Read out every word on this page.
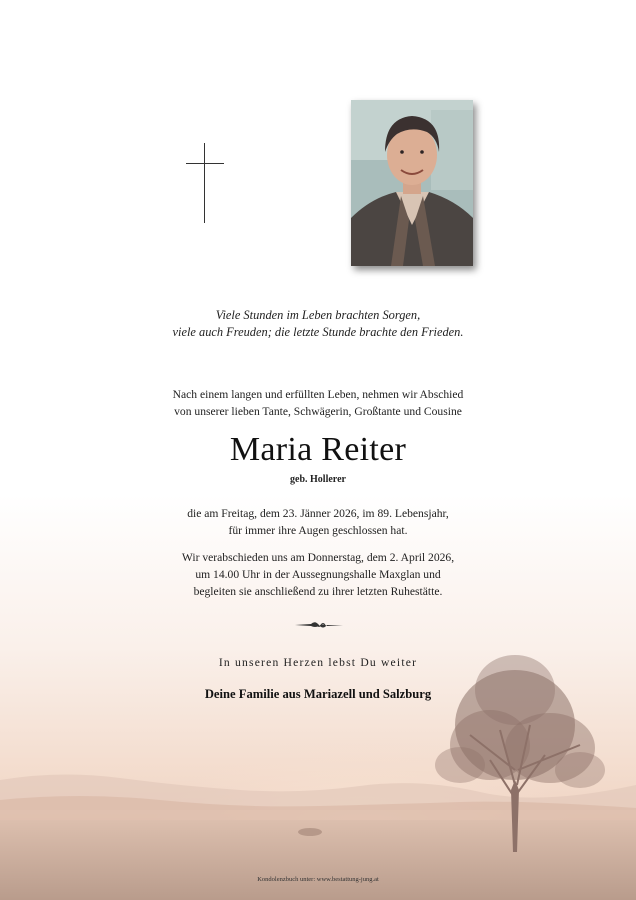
Viele Stunden im Leben brachten Sorgen,
viele auch Freuden; die letzte Stunde brachte den Frieden.
Nach einem langen und erfüllten Leben, nehmen wir Abschied
von unserer lieben Tante, Schwägerin, Großtante und Cousine
Maria Reiter
geb. Hollerer
die am Freitag, dem 23. Jänner 2026, im 89. Lebensjahr,
für immer ihre Augen geschlossen hat.
Wir verabschieden uns am Donnerstag, dem 2. April 2026,
um 14.00 Uhr in der Aussegnungshalle Maxglan und
begleiten sie anschließend zu ihrer letzten Ruhestätte.
In unseren Herzen lebst Du weiter
Deine Familie aus Mariazell und Salzburg
Kondolenzbuch unter: www.bestattung-jung.at
